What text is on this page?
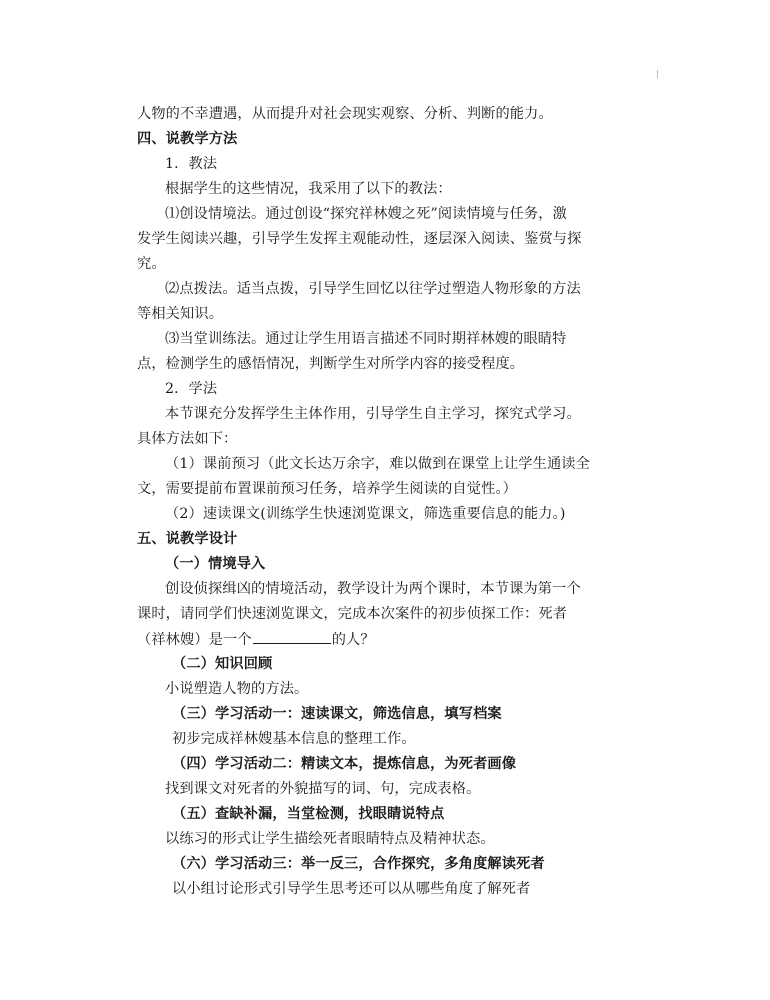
人物的不幸遭遇，从而提升对社会现实观察、分析、判断的能力。
四、说教学方法
1．教法
根据学生的这些情况，我采用了以下的教法：
⑴创设情境法。通过创设“探究祥林嫂之死”阅读情境与任务，激
发学生阅读兴趣，引导学生发挥主观能动性，逐层深入阅读、鉴赏与探
究。
⑵点拨法。适当点拨，引导学生回忆以往学过塑造人物形象的方法
等相关知识。
⑶当堂训练法。通过让学生用语言描述不同时期祥林嫂的眼睛特
点，检测学生的感悟情况，判断学生对所学内容的接受程度。
2．学法
本节课充分发挥学生主体作用，引导学生自主学习，探究式学习。
具体方法如下：
（1）课前预习（此文长达万余字，难以做到在课堂上让学生通读全
文，需要提前布置课前预习任务，培养学生阅读的自觉性。）
（2）速读课文(训练学生快速浏览课文，筛选重要信息的能力。)
五、说教学设计
（一）情境导入
创设侦探缉凶的情境活动，教学设计为两个课时，本节课为第一个
课时，请同学们快速浏览课文，完成本次案件的初步侦探工作：死者
（祥林嫂）是一个	的人？
（二）知识回顾
小说塑造人物的方法。
（三）学习活动一：速读课文，筛选信息，填写档案
初步完成祥林嫂基本信息的整理工作。
（四）学习活动二：精读文本，提炼信息，为死者画像
找到课文对死者的外貌描写的词、句，完成表格。
（五）查缺补漏，当堂检测，找眼睛说特点
以练习的形式让学生描绘死者眼睛特点及精神状态。
（六）学习活动三：举一反三，合作探究，多角度解读死者
以小组讨论形式引导学生思考还可以从哪些角度了解死者
